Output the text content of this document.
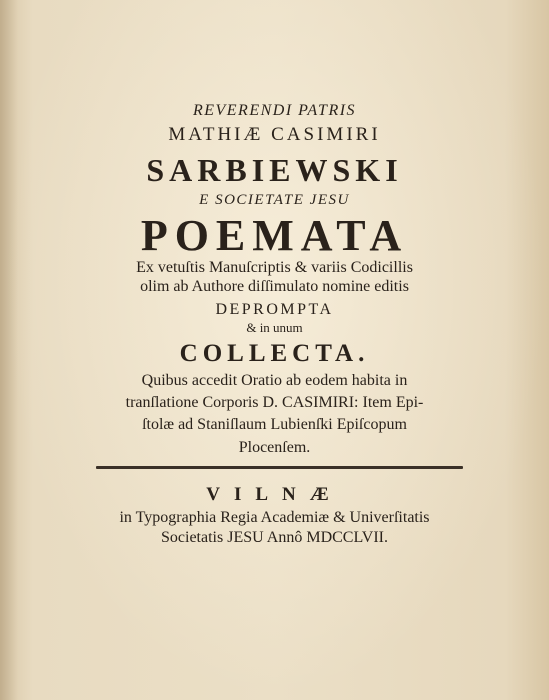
REVERENDI PATRIS
MATHIÆ CASIMIRI
SARBIEWSKI
E SOCIETATE JESU
POEMATA
Ex vetuſtis Manuſcriptis & variis Codicillis
olim ab Authore diſſimulato nomine editis
DEPROMPTA
& in unum
COLLECTA.
Quibus accedit Oratio ab eodem habita in
tranſlatione Corporis D. CASIMIRI: Item Epi-
ſtolæ ad Staniſlaum Lubienſki Epiſcopum
Plocenſem.
VILNÆ
in Typographia Regia Academiæ & Univerſitatis
Societatis JESU Annô MDCCLVII.
